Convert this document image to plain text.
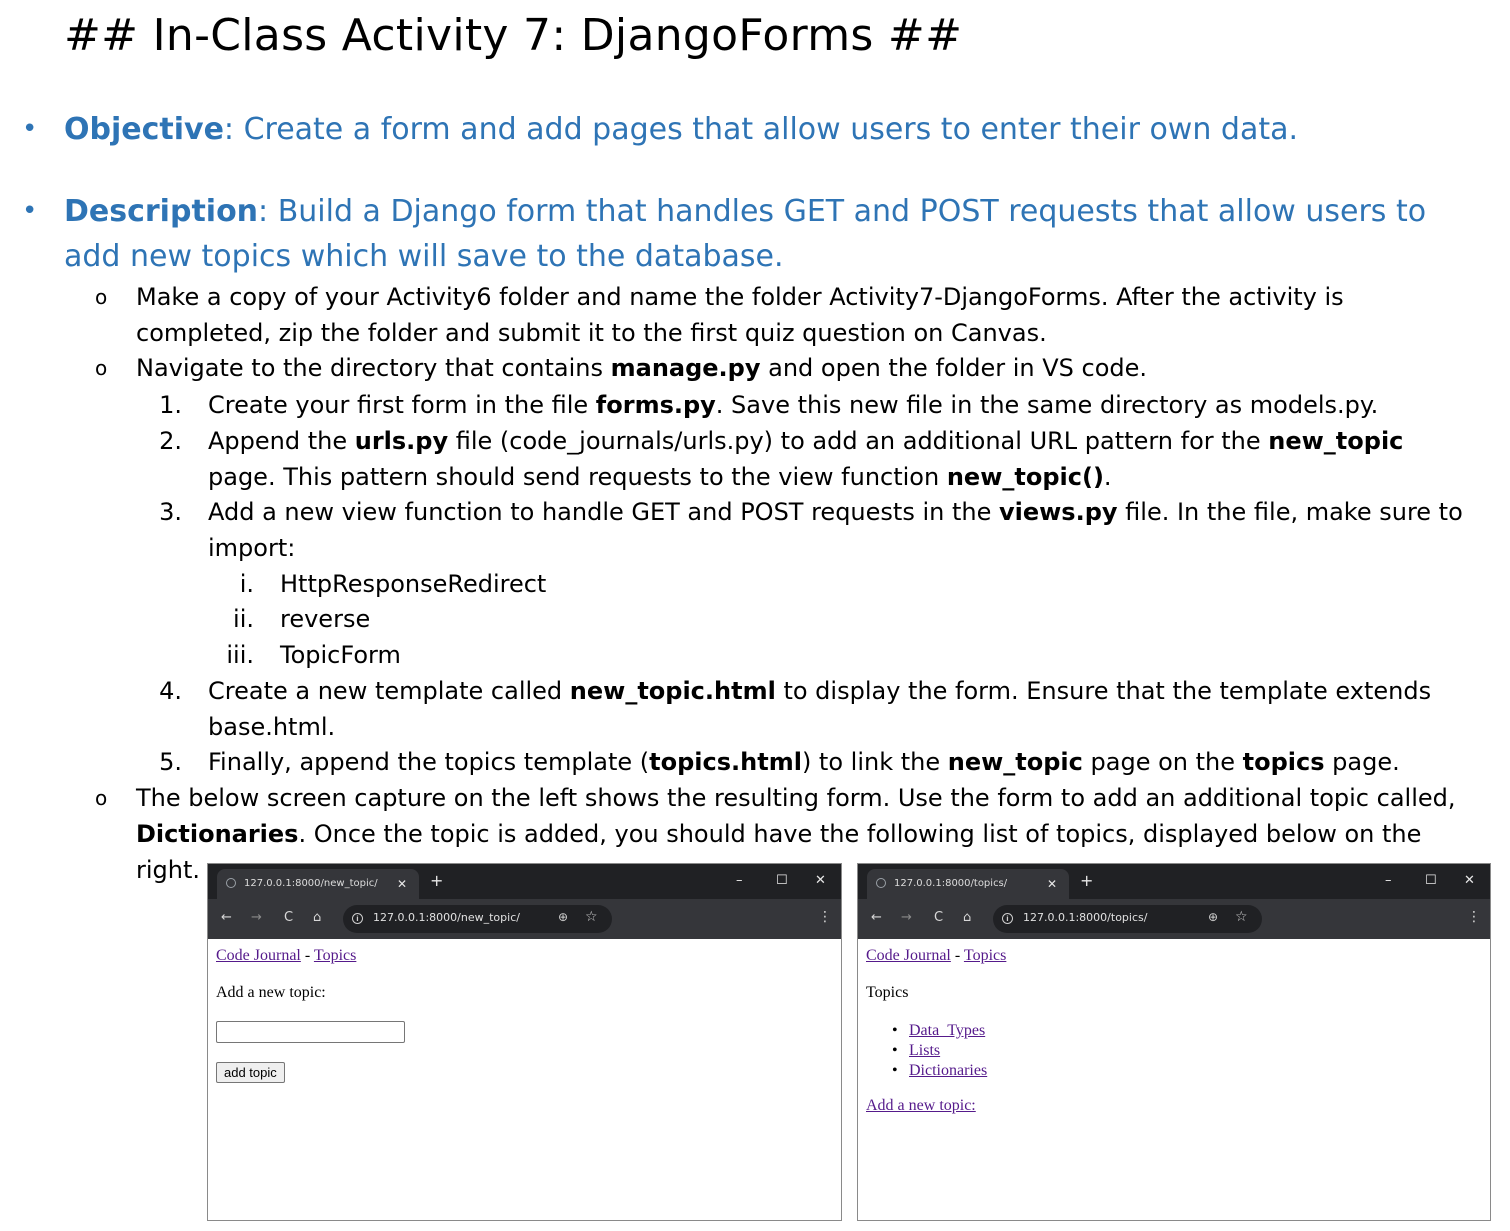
## In-Class Activity 7: DjangoForms ##
• Objective: Create a form and add pages that allow users to enter their own data.
• Description: Build a Django form that handles GET and POST requests that allow users to add new topics which will save to the database.
o Make a copy of your Activity6 folder and name the folder Activity7-DjangoForms. After the activity is completed, zip the folder and submit it to the first quiz question on Canvas.
o Navigate to the directory that contains manage.py and open the folder in VS code.
1. Create your first form in the file forms.py. Save this new file in the same directory as models.py.
2. Append the urls.py file (code_journals/urls.py) to add an additional URL pattern for the new_topic page. This pattern should send requests to the view function new_topic().
3. Add a new view function to handle GET and POST requests in the views.py file. In the file, make sure to import:
i. HttpResponseRedirect
ii. reverse
iii. TopicForm
4. Create a new template called new_topic.html to display the form. Ensure that the template extends base.html.
5. Finally, append the topics template (topics.html) to link the new_topic page on the topics page.
o The below screen capture on the left shows the resulting form. Use the form to add an additional topic called, Dictionaries. Once the topic is added, you should have the following list of topics, displayed below on the right.	127.0.0.1:8000/new_topic/ ✕ +	–	☐ ✕
← → C ⌂	i	127.0.0.1:8000/new_topic/	⊕ ☆	⋮
Code Journal - Topics
Add a new topic:
add topic
127.0.0.1:8000/topics/	✕ +	–	☐ ✕
← → C ⌂	i	127.0.0.1:8000/topics/	⊕ ☆	⋮
Code Journal - Topics
Topics
• Data_Types
• Lists
• Dictionaries
Add a new topic:
